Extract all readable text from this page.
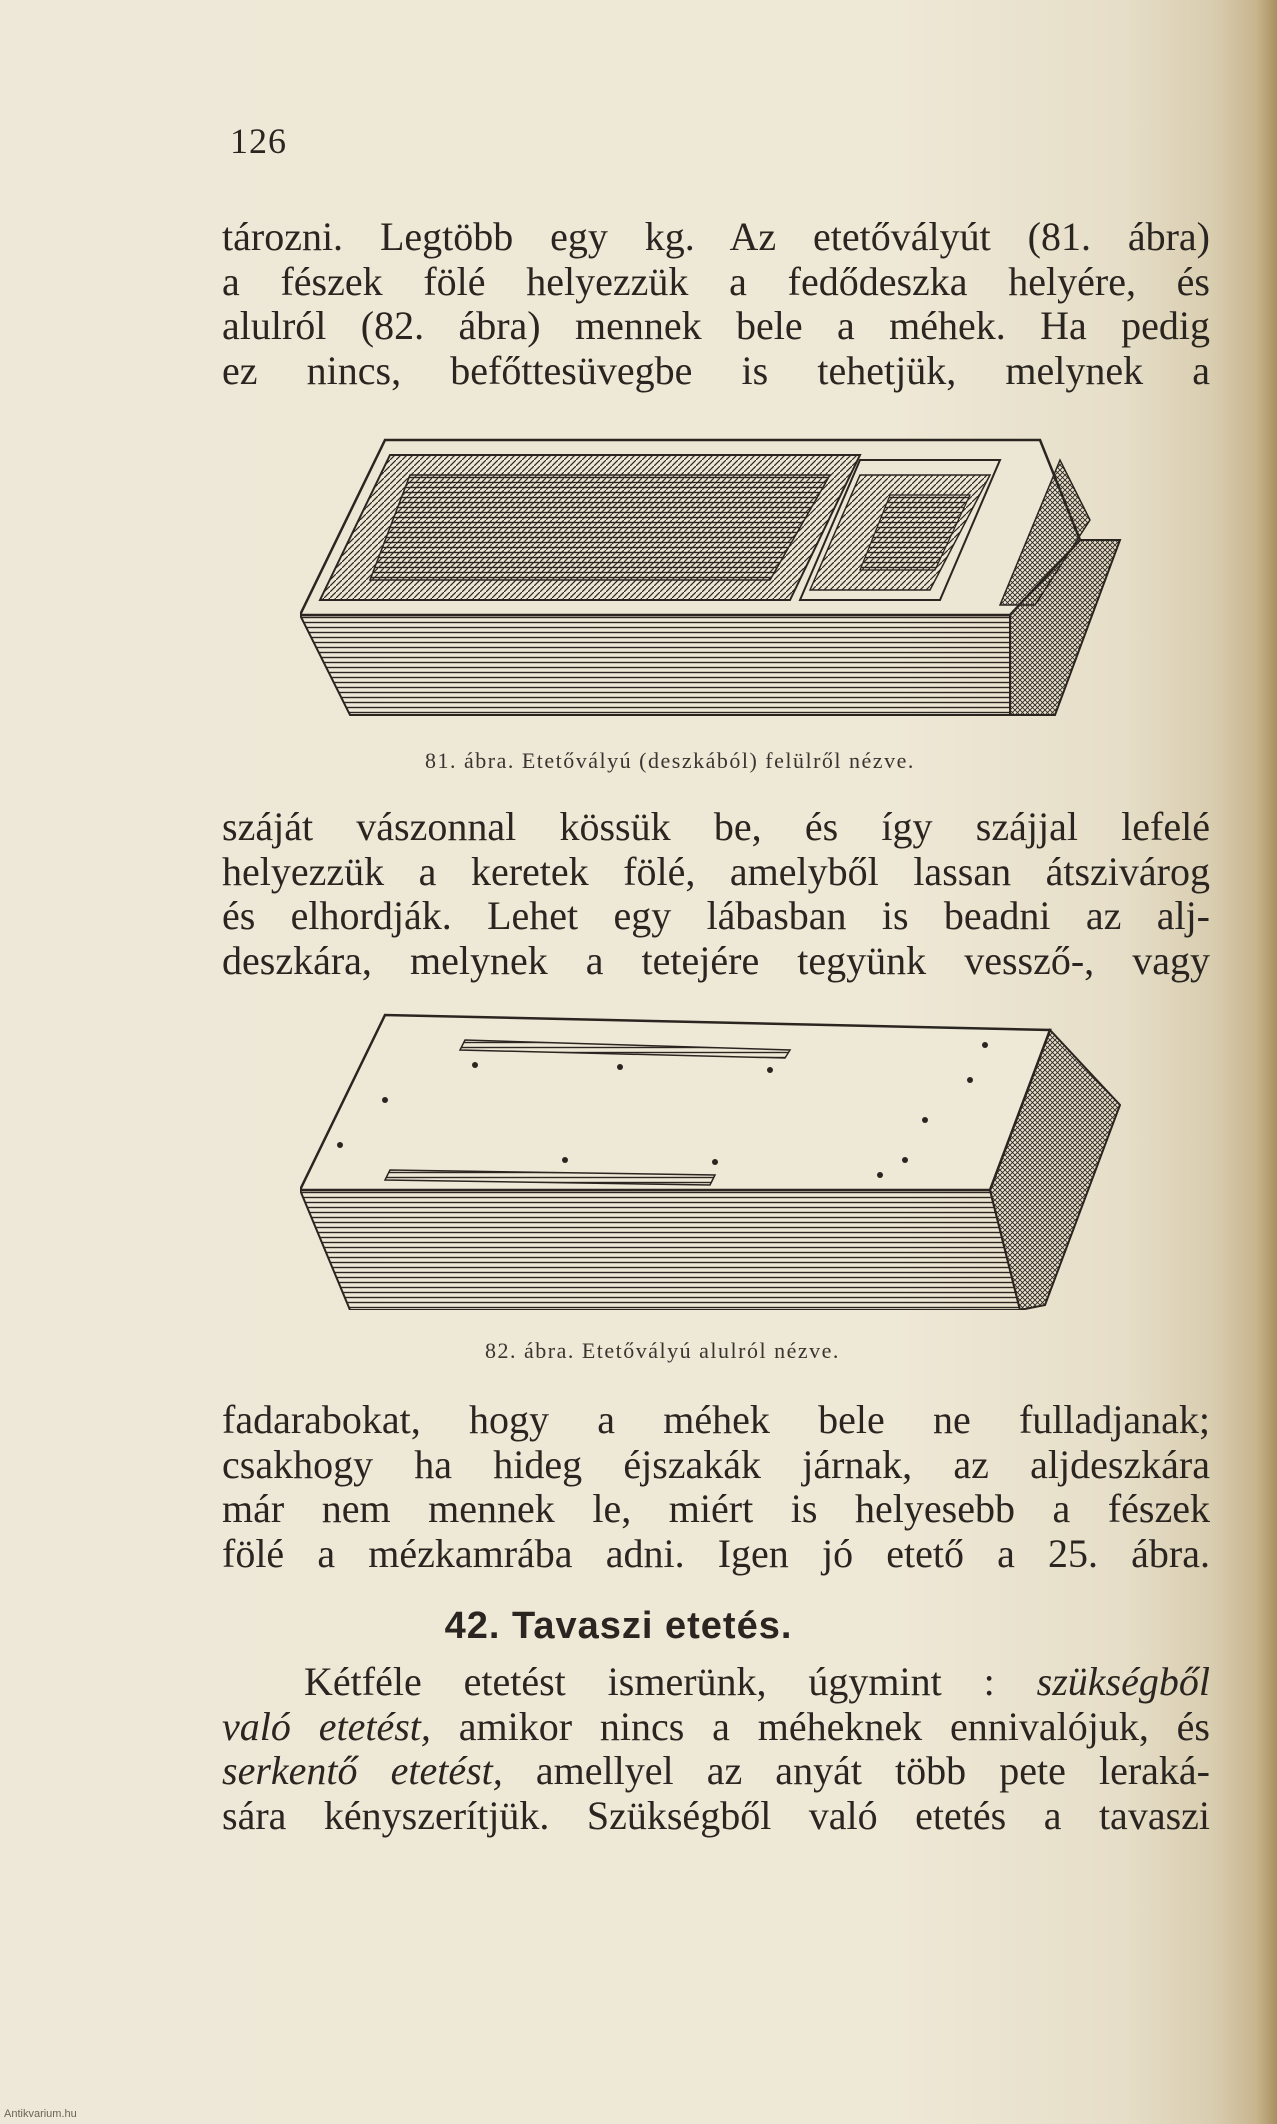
126
tározni. Legtöbb egy kg. Az etetővályút (81. ábra)
a fészek fölé helyezzük a fedődeszka helyére, és
alulról (82. ábra) mennek bele a méhek. Ha pedig
ez nincs, befőttesüvegbe is tehetjük, melynek a
81. ábra. Etetővályú (deszkából) felülről nézve.
száját vászonnal kössük be, és így szájjal lefelé
helyezzük a keretek fölé, amelyből lassan átszivárog
és elhordják. Lehet egy lábasban is beadni az alj-
deszkára, melynek a tetejére tegyünk vessző-, vagy
82. ábra. Etetővályú alulról nézve.
fadarabokat, hogy a méhek bele ne fulladjanak;
csakhogy ha hideg éjszakák járnak, az aljdeszkára
már nem mennek le, miért is helyesebb a fészek
fölé a mézkamrába adni. Igen jó etető a 25. ábra.
42. Tavaszi etetés.
Kétféle etetést ismerünk, úgymint : szükségből
való etetést, amikor nincs a méheknek ennivalójuk, és
serkentő etetést, amellyel az anyát több pete leraká-
sára kényszerítjük. Szükségből való etetés a tavaszi
Antikvarium.hu
